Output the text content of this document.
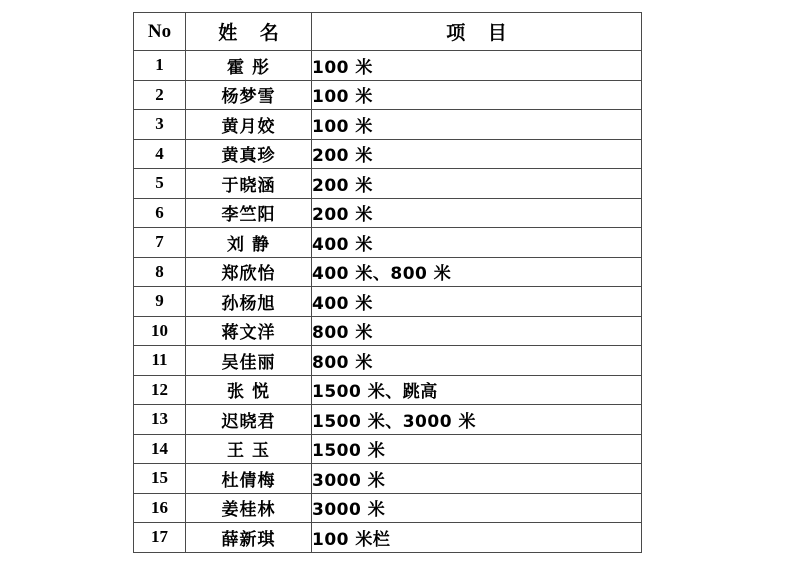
No	姓 名	项 目
1	霍 彤	100 米
2	杨梦雪	100 米
3	黄月姣	100 米
4	黄真珍	200 米
5	于晓涵	200 米
6	李竺阳	200 米
7	刘 静	400 米
8	郑欣怡	400 米、800 米
9	孙杨旭	400 米
10	蒋文洋	800 米
11	吴佳丽	800 米
12	张 悦	1500 米、跳高
13	迟晓君	1500 米、3000 米
14	王 玉	1500 米
15	杜倩梅	3000 米
16	姜桂林	3000 米
17	薛新琪	100 米栏
